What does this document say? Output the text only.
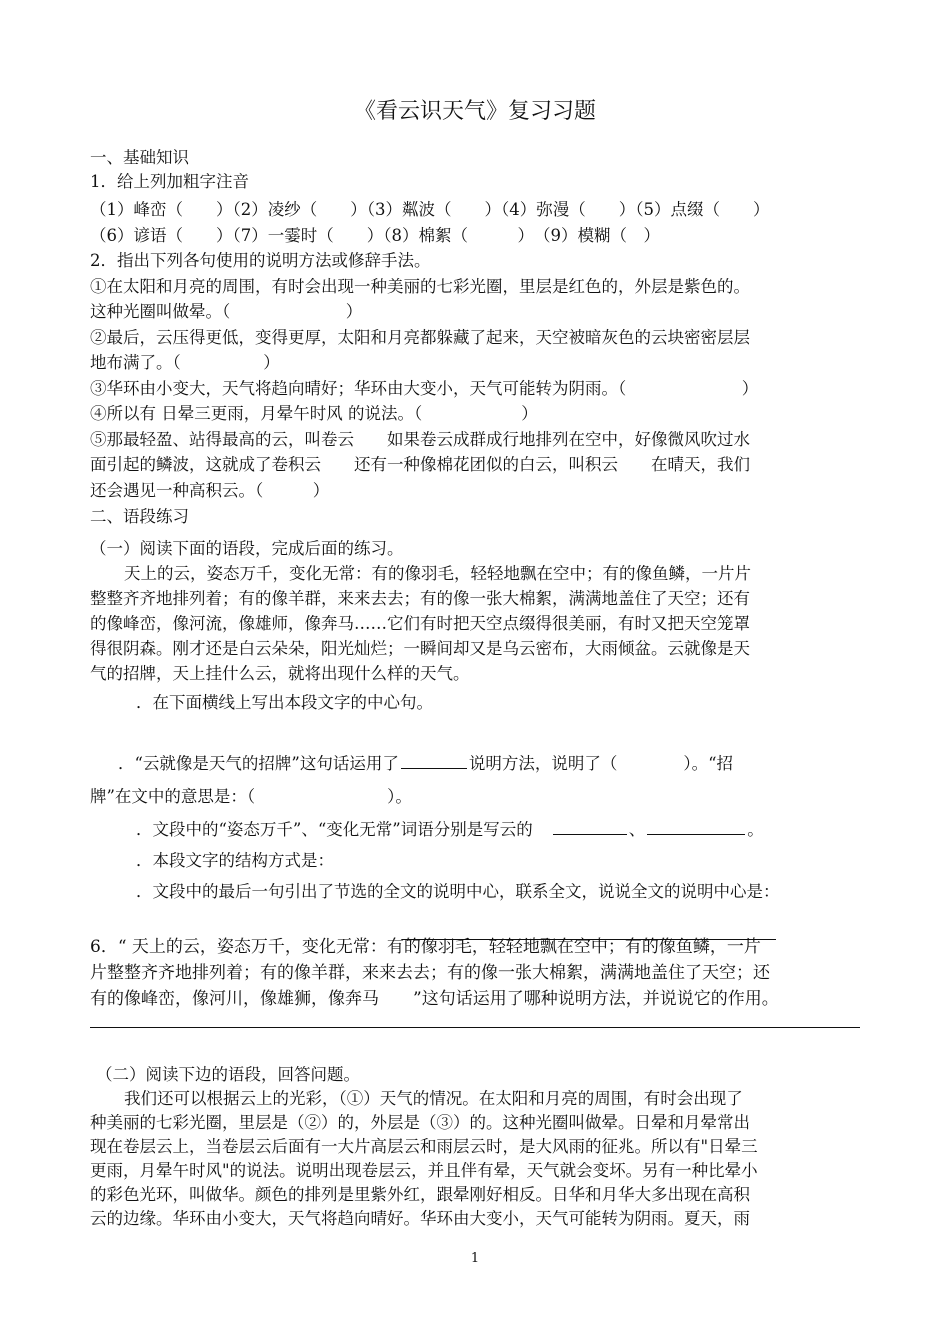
《看云识天气》复习习题
一、基础知识
1．给上列加粗字注音
（1）峰峦（　　）（2）凌纱（　　）（3）粼波（　　）（4）弥漫（　　）（5）点缀（　　）
（6）谚语（　　）（7）一霎时（　　）（8）棉絮（　　　）　（9）模糊（　）
2．指出下列各句使用的说明方法或修辞手法。
①在太阳和月亮的周围，有时会出现一种美丽的七彩光圈，里层是红色的，外层是紫色的。
这种光圈叫做晕。（　　　　　　　）
②最后，云压得更低，变得更厚，太阳和月亮都躲藏了起来，天空被暗灰色的云块密密层层
地布满了。（　　　　　）
③华环由小变大，天气将趋向晴好；华环由大变小，天气可能转为阴雨。（　　　　　　　）
④所以有 日晕三更雨，月晕午时风 的说法。（　　　　　　）
⑤那最轻盈、站得最高的云，叫卷云　　如果卷云成群成行地排列在空中，好像微风吹过水
面引起的鳞波，这就成了卷积云　　还有一种像棉花团似的白云，叫积云　　在晴天，我们
还会遇见一种高积云。（　　　）
二、语段练习
（一）阅读下面的语段，完成后面的练习。
天上的云，姿态万千，变化无常：有的像羽毛，轻轻地飘在空中；有的像鱼鳞，一片片
整整齐齐地排列着；有的像羊群，来来去去；有的像一张大棉絮，满满地盖住了天空；还有
的像峰峦，像河流，像雄师，像奔马……它们有时把天空点缀得很美丽，有时又把天空笼罩
得很阴森。刚才还是白云朵朵，阳光灿烂；一瞬间却又是乌云密布，大雨倾盆。云就像是天
气的招牌，天上挂什么云，就将出现什么样的天气。
．在下面横线上写出本段文字的中心句。
．“云就像是天气的招牌”这句话运用了	说明方法，说明了（　　　　）。“招
牌”在文中的意思是：（　　　　　　　　）。
．文段中的“姿态万千”、“变化无常”词语分别是写云的	、	。
．本段文字的结构方式是：
．文段中的最后一句引出了节选的全文的说明中心，联系全文，说说全文的说明中心是：
6．“ 天上的云，姿态万千，变化无常：有的像羽毛，轻轻地飘在空中；有的像鱼鳞，一片
片整整齐齐地排列着；有的像羊群，来来去去；有的像一张大棉絮，满满地盖住了天空；还
有的像峰峦，像河川，像雄狮，像奔马　　”这句话运用了哪种说明方法，并说说它的作用。
（二）阅读下边的语段，回答问题。
我们还可以根据云上的光彩，（①）天气的情况。在太阳和月亮的周围，有时会出现了
种美丽的七彩光圈，里层是（②）的，外层是（③）的。这种光圈叫做晕。日晕和月晕常出
现在卷层云上，当卷层云后面有一大片高层云和雨层云时，是大风雨的征兆。所以有"日晕三
更雨，月晕午时风"的说法。说明出现卷层云，并且伴有晕，天气就会变坏。另有一种比晕小
的彩色光环，叫做华。颜色的排列是里紫外红，跟晕刚好相反。日华和月华大多出现在高积
云的边缘。华环由小变大，天气将趋向晴好。华环由大变小，天气可能转为阴雨。夏天，雨
1
